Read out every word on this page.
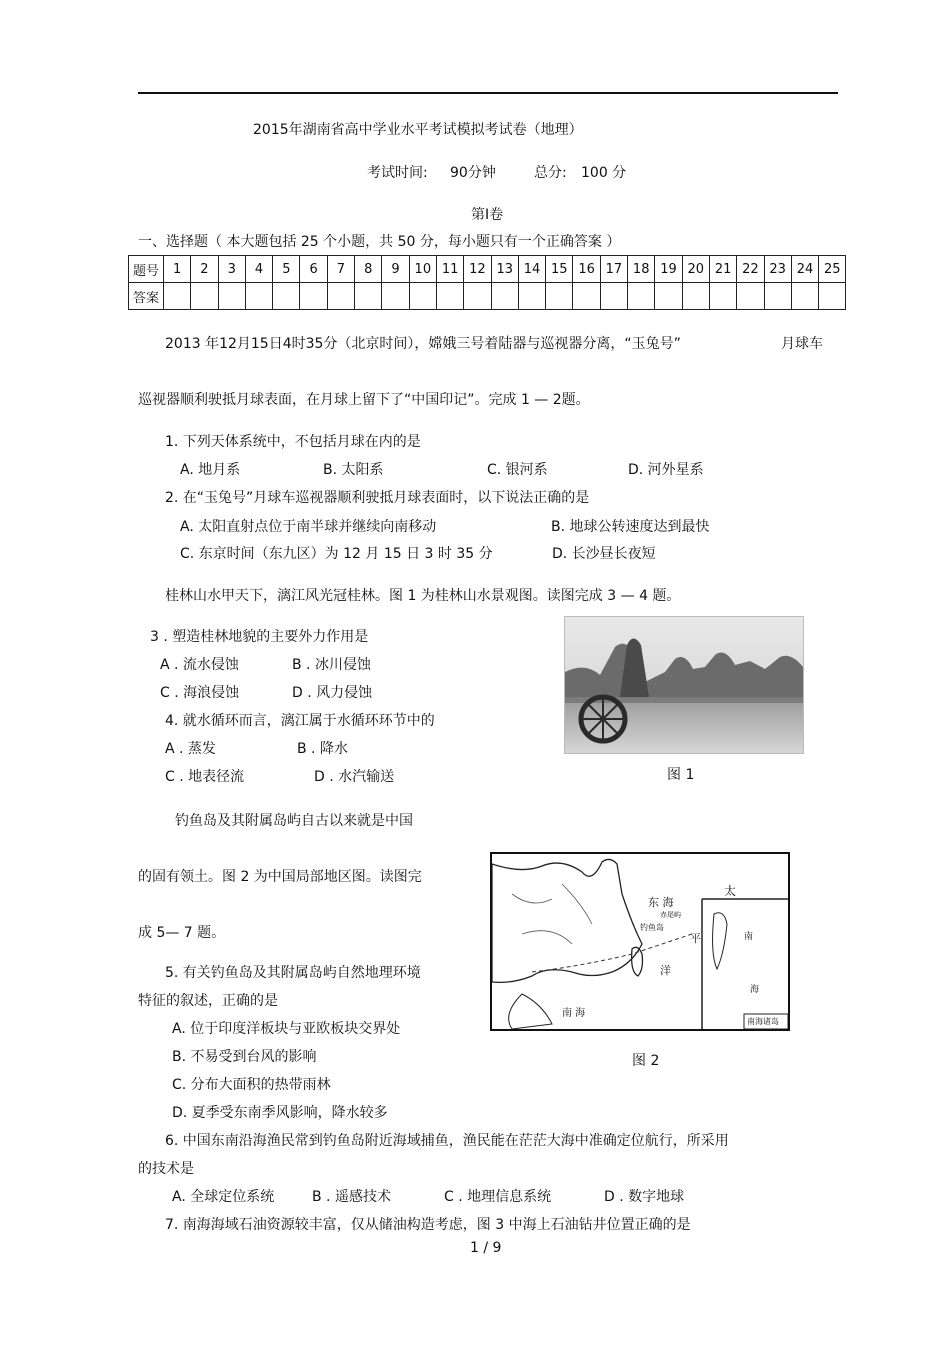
2015年湖南省高中学业水平考试模拟考试卷（地理）
考试时间: 90分钟	总分: 100 分
第Ⅰ卷
一、选择题（ 本大题包括 25 个小题，共 50 分，每小题只有一个正确答案 ）
题号	1	2	3	4	5	6	7	8	9	10	11	12	13	14	15	16	17	18	19	20	21	22	23	24	25
答案																									
2013 年12月15日4时35分（北京时间），嫦娥三号着陆器与巡视器分离，“玉兔号”	月球车
巡视器顺利驶抵月球表面，在月球上留下了“中国印记”。完成 1 — 2题。
1. 下列天体系统中，不包括月球在内的是
A. 地月系	B. 太阳系	C. 银河系	D. 河外星系
2. 在“玉兔号”月球车巡视器顺利驶抵月球表面时，以下说法正确的是
A. 太阳直射点位于南半球并继续向南移动	B. 地球公转速度达到最快
C. 东京时间（东九区）为 12 月 15 日 3 时 35 分	D. 长沙昼长夜短
桂林山水甲天下，漓江风光冠桂林。图 1 为桂林山水景观图。读图完成 3 — 4 题。
3 . 塑造桂林地貌的主要外力作用是
A . 流水侵蚀	B . 冰川侵蚀
C . 海浪侵蚀	D . 风力侵蚀
4. 就水循环而言，漓江属于水循环环节中的
A . 蒸发	B . 降水
C . 地表径流	D . 水汽输送	图 1
钓鱼岛及其附属岛屿自古以来就是中国
的固有领土。图 2 为中国局部地区图。读图完
成 5— 7 题。
东 海
太
平
洋
南 海
钓鱼岛
赤尾屿
南海诸岛
南
海
图 2
5. 有关钓鱼岛及其附属岛屿自然地理环境
特征的叙述，正确的是
A. 位于印度洋板块与亚欧板块交界处
B. 不易受到台风的影响
C. 分布大面积的热带雨林
D. 夏季受东南季风影响，降水较多
6. 中国东南沿海渔民常到钓鱼岛附近海域捕鱼，渔民能在茫茫大海中准确定位航行，所采用
的技术是
A. 全球定位系统	B . 遥感技术	C . 地理信息系统	D . 数字地球
7. 南海海域石油资源较丰富，仅从储油构造考虑，图 3 中海上石油钻井位置正确的是
1 / 9
